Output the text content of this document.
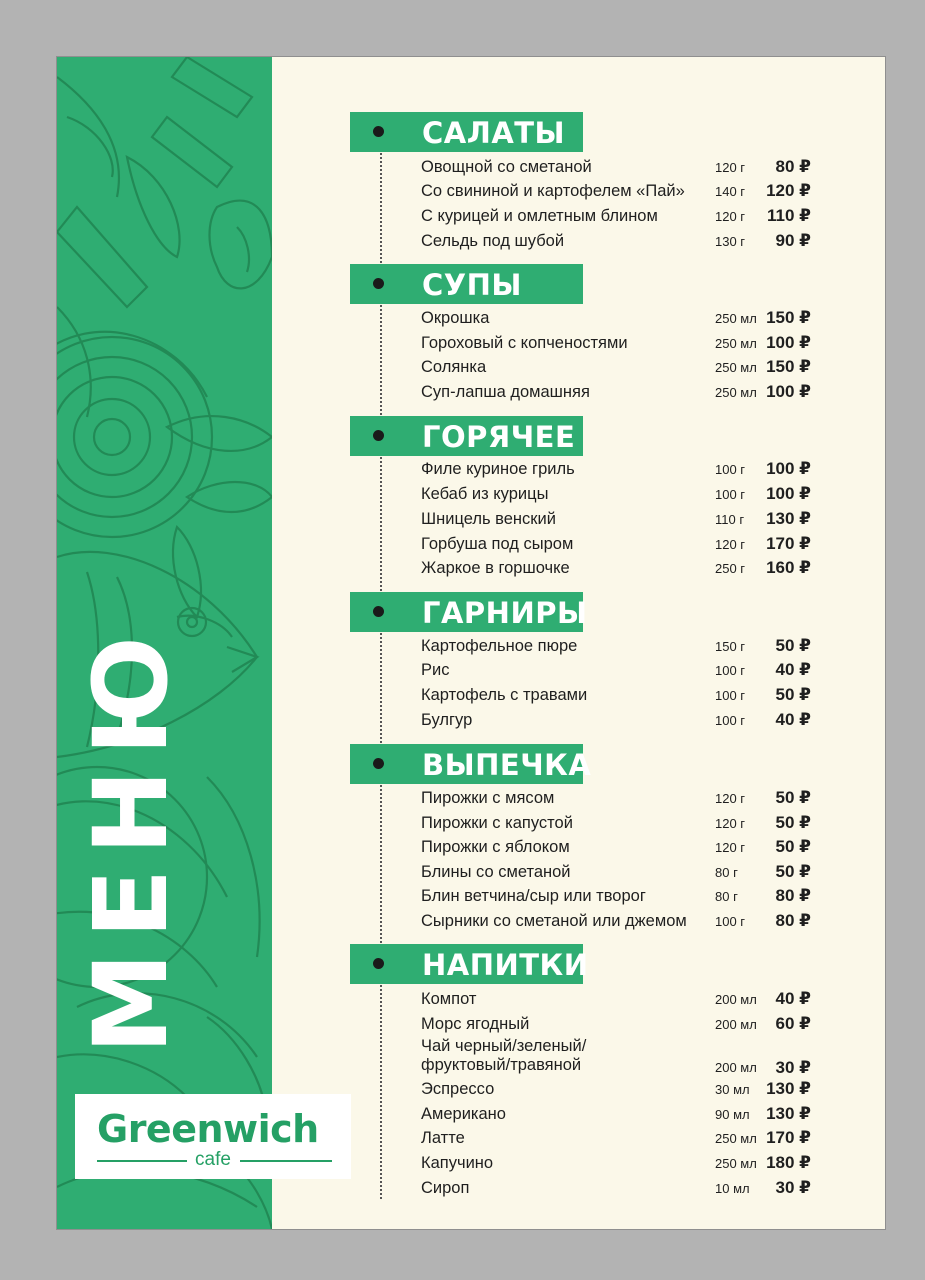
МЕНЮ
Greenwich
cafe
САЛАТЫ
Овощной со сметаной	120 г	80 ₽
Со свининой и картофелем «Пай» 140 г	120 ₽
С курицей и омлетным блином	120 г	110 ₽
Сельдь под шубой	130 г	90 ₽
СУПЫ
Окрошка	250 мл 150 ₽
Гороховый с копченостями	250 мл 100 ₽
Солянка	250 мл 150 ₽
Суп-лапша домашняя	250 мл 100 ₽
ГОРЯЧЕЕ
Филе куриное гриль	100 г	100 ₽
Кебаб из курицы	100 г	100 ₽
Шницель венский	110 г	130 ₽
Горбуша под сыром	120 г	170 ₽
Жаркое в горшочке	250 г	160 ₽
ГАРНИРЫ
Картофельное пюре	150 г	50 ₽
Рис	100 г	40 ₽
Картофель с травами	100 г	50 ₽
Булгур	100 г	40 ₽
ВЫПЕЧКА
Пирожки с мясом	120 г	50 ₽
Пирожки с капустой	120 г	50 ₽
Пирожки с яблоком	120 г	50 ₽
Блины со сметаной	80 г	50 ₽
Блин ветчина/сыр или творог	80 г	80 ₽
Сырники со сметаной или джемом 100 г	80 ₽
НАПИТКИ
Компот	200 мл	40 ₽
Морс ягодный	200 мл	60 ₽
Чай черный/зеленый/
фруктовый/травяной	200 мл	30 ₽
Эспрессо	30 мл 130 ₽
Американо	90 мл 130 ₽
Латте	250 мл 170 ₽
Капучино	250 мл 180 ₽
Сироп	10 мл	30 ₽
